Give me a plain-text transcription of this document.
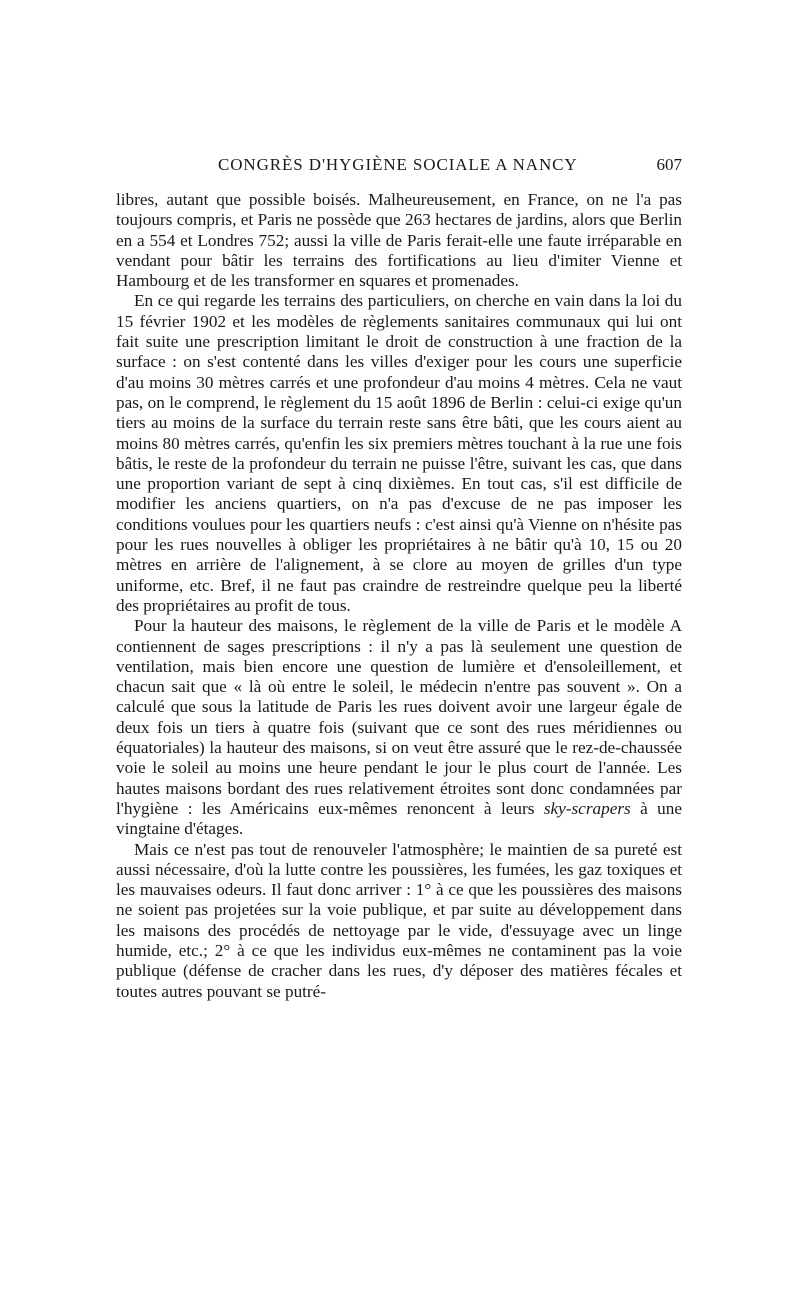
CONGRÈS D'HYGIÈNE SOCIALE A NANCY	607

libres, autant que possible boisés. Malheureusement, en France, on ne l'a pas toujours compris, et Paris ne possède que 263 hectares de jardins, alors que Berlin en a 554 et Londres 752; aussi la ville de Paris ferait-elle une faute irréparable en vendant pour bâtir les terrains des fortifications au lieu d'imiter Vienne et Hambourg et de les transformer en squares et promenades.

En ce qui regarde les terrains des particuliers, on cherche en vain dans la loi du 15 février 1902 et les modèles de règlements sanitaires communaux qui lui ont fait suite une prescription limitant le droit de construction à une fraction de la surface : on s'est contenté dans les villes d'exiger pour les cours une superficie d'au moins 30 mètres carrés et une profondeur d'au moins 4 mètres. Cela ne vaut pas, on le comprend, le règlement du 15 août 1896 de Berlin : celui-ci exige qu'un tiers au moins de la surface du terrain reste sans être bâti, que les cours aient au moins 80 mètres carrés, qu'enfin les six premiers mètres touchant à la rue une fois bâtis, le reste de la profondeur du terrain ne puisse l'être, suivant les cas, que dans une proportion variant de sept à cinq dixièmes. En tout cas, s'il est difficile de modifier les anciens quartiers, on n'a pas d'excuse de ne pas imposer les conditions voulues pour les quartiers neufs : c'est ainsi qu'à Vienne on n'hésite pas pour les rues nouvelles à obliger les propriétaires à ne bâtir qu'à 10, 15 ou 20 mètres en arrière de l'alignement, à se clore au moyen de grilles d'un type uniforme, etc. Bref, il ne faut pas craindre de restreindre quelque peu la liberté des propriétaires au profit de tous.

Pour la hauteur des maisons, le règlement de la ville de Paris et le modèle A contiennent de sages prescriptions : il n'y a pas là seulement une question de ventilation, mais bien encore une question de lumière et d'ensoleillement, et chacun sait que « là où entre le soleil, le médecin n'entre pas souvent ». On a calculé que sous la latitude de Paris les rues doivent avoir une largeur égale de deux fois un tiers à quatre fois (suivant que ce sont des rues méridiennes ou équatoriales) la hauteur des maisons, si on veut être assuré que le rez-de-chaussée voie le soleil au moins une heure pendant le jour le plus court de l'année. Les hautes maisons bordant des rues relativement étroites sont donc condamnées par l'hygiène : les Américains eux-mêmes renoncent à leurs sky-scrapers à une vingtaine d'étages.

Mais ce n'est pas tout de renouveler l'atmosphère; le maintien de sa pureté est aussi nécessaire, d'où la lutte contre les poussières, les fumées, les gaz toxiques et les mauvaises odeurs. Il faut donc arriver : 1° à ce que les poussières des maisons ne soient pas projetées sur la voie publique, et par suite au développement dans les maisons des procédés de nettoyage par le vide, d'essuyage avec un linge humide, etc.; 2° à ce que les individus eux-mêmes ne contaminent pas la voie publique (défense de cracher dans les rues, d'y déposer des matières fécales et toutes autres pouvant se putré-
